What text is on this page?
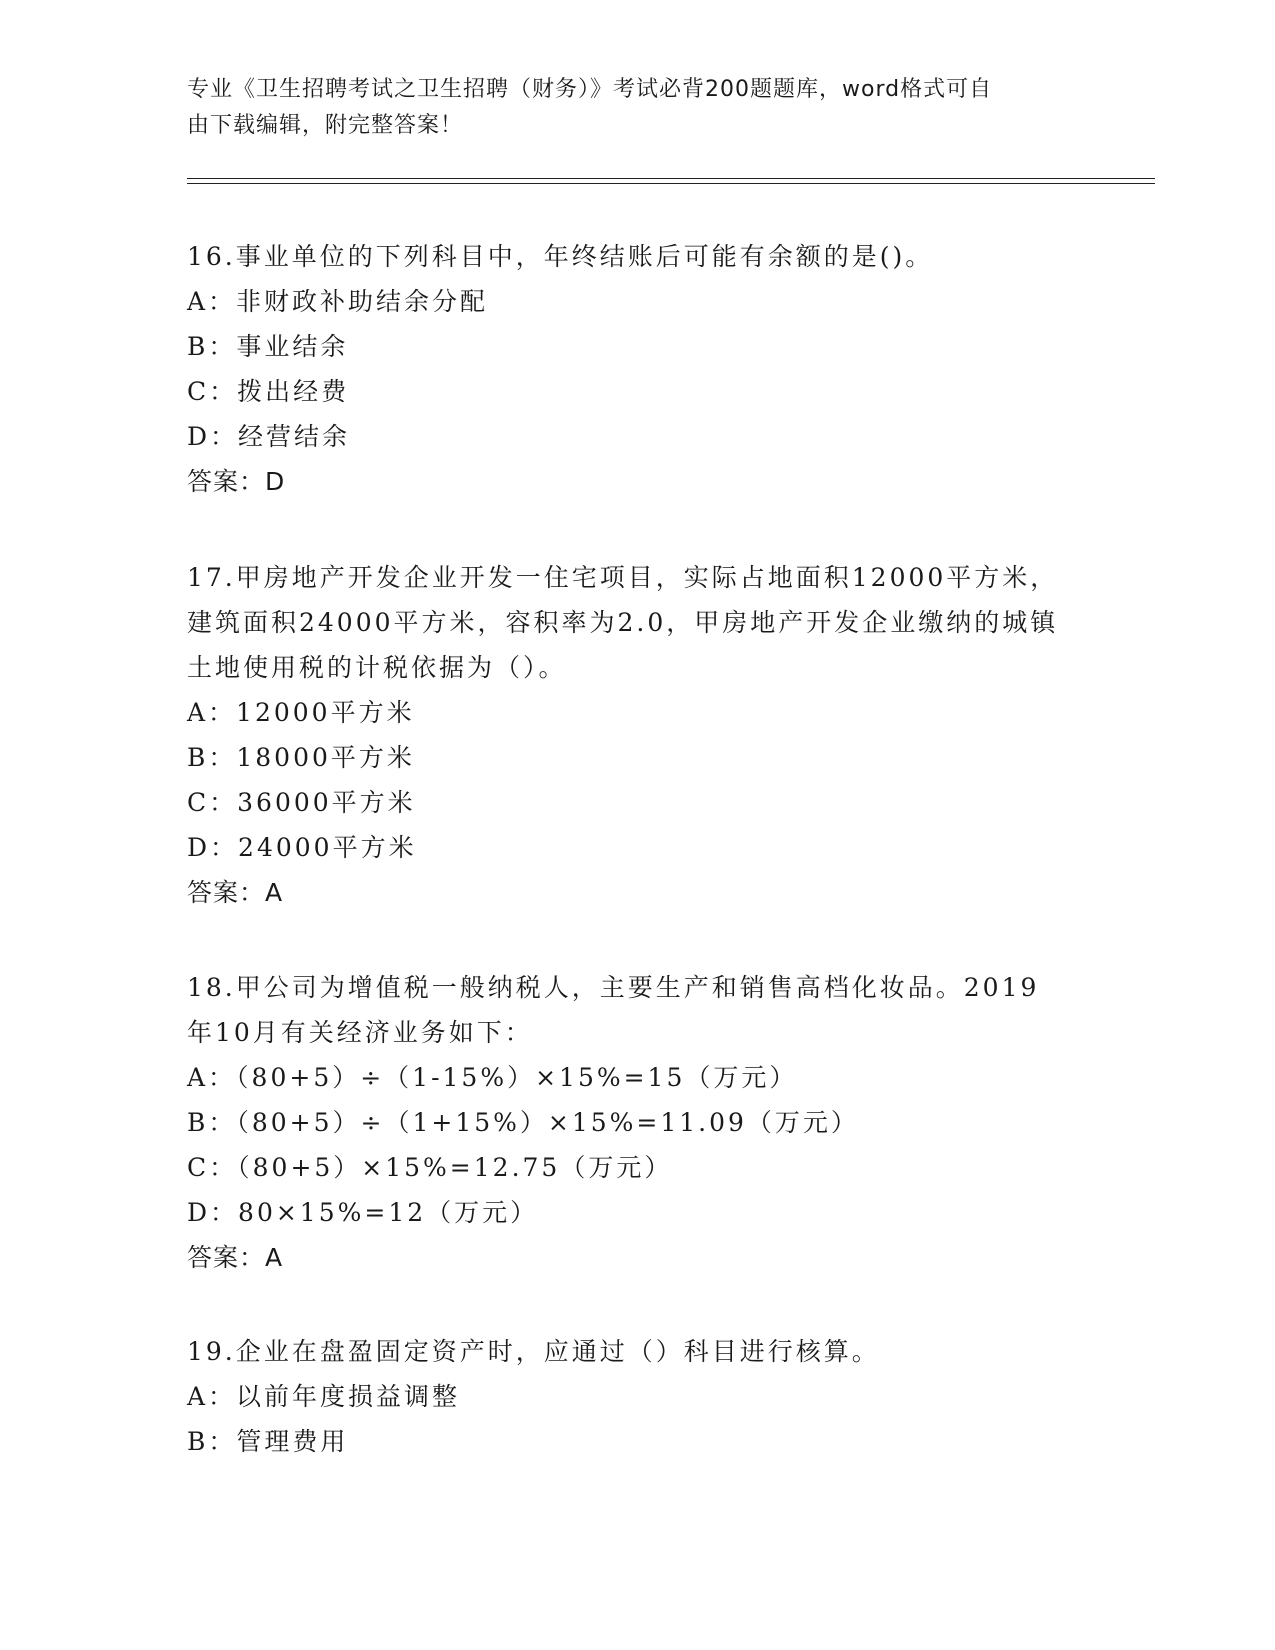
专业《卫生招聘考试之卫生招聘（财务）》考试必背200题题库，word格式可自
由下载编辑，附完整答案！

16.事业单位的下列科目中，年终结账后可能有余额的是()。

A：非财政补助结余分配

B：事业结余

C：拨出经费

D：经营结余

答案：D

17.甲房地产开发企业开发一住宅项目，实际占地面积12000平方米，

建筑面积24000平方米，容积率为2.0，甲房地产开发企业缴纳的城镇

土地使用税的计税依据为（）。

A：12000平方米

B：18000平方米

C：36000平方米

D：24000平方米

答案：A

18.甲公司为增值税一般纳税人，主要生产和销售高档化妆品。2019

年10月有关经济业务如下：

A：（80+5）÷（1-15%）×15%=15（万元）

B：（80+5）÷（1+15%）×15%=11.09（万元）

C：（80+5）×15%=12.75（万元）

D：80×15%=12（万元）

答案：A

19.企业在盘盈固定资产时，应通过（）科目进行核算。

A：以前年度损益调整

B：管理费用
